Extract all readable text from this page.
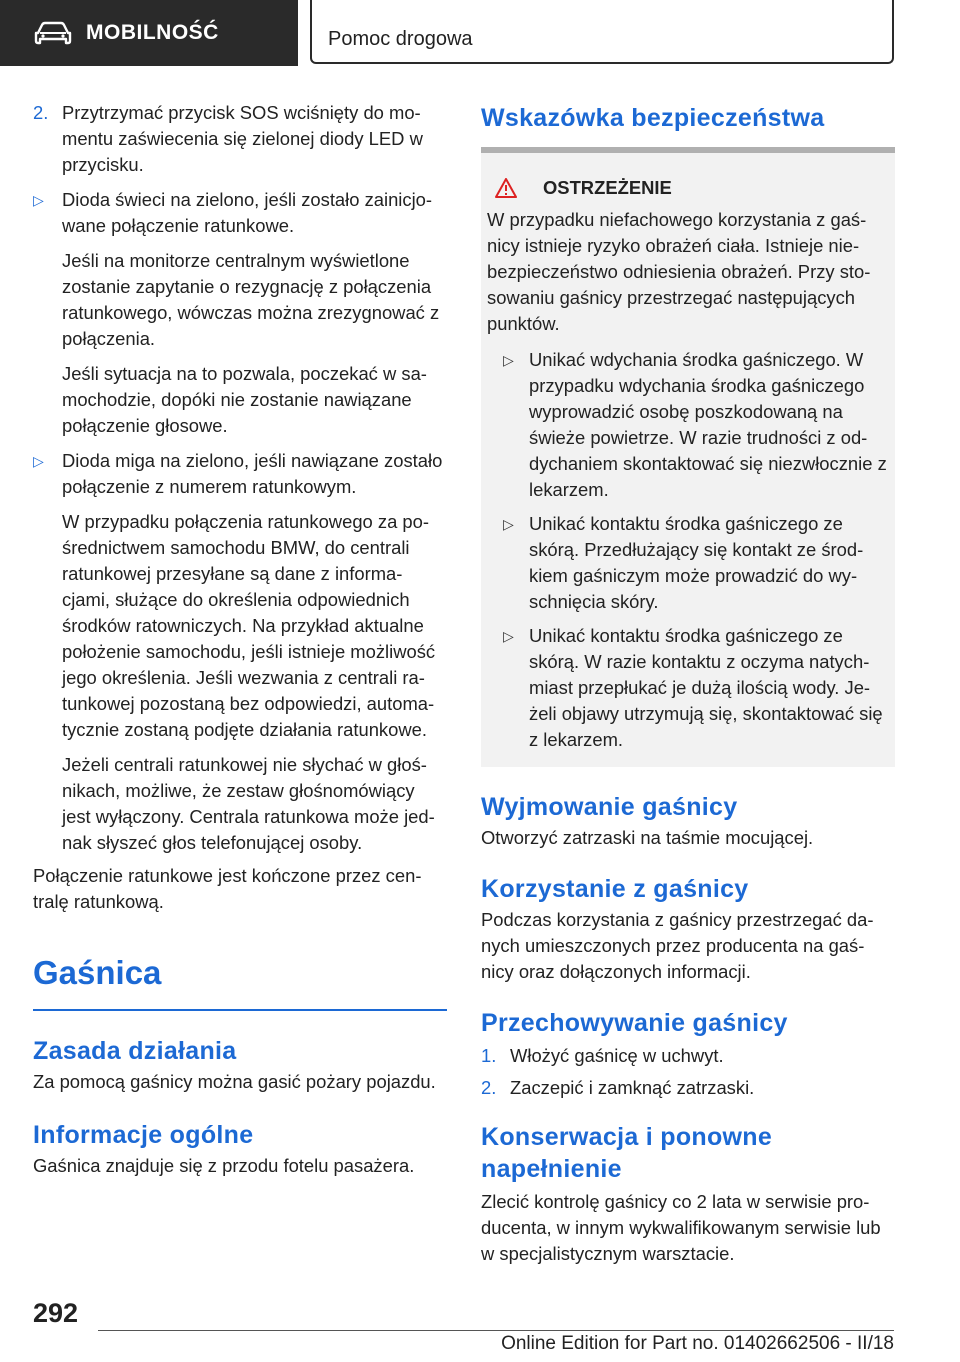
MOBILNOŚĆ	Pomoc drogowa
2. Przytrzymać przycisk SOS wciśnięty do mo-mentu zaświecenia się zielonej diody LED w przycisku.

▷ Dioda świeci na zielono, jeśli zostało zainicjo-wane połączenie ratunkowe.

Jeśli na monitorze centralnym wyświetlone zostanie zapytanie o rezygnację z połączenia ratunkowego, wówczas można zrezygnować z połączenia.

Jeśli sytuacja na to pozwala, poczekać w sa-mochodzie, dopóki nie zostanie nawiązane połączenie głosowe.

▷ Dioda miga na zielono, jeśli nawiązane zostało połączenie z numerem ratunkowym.

W przypadku połączenia ratunkowego za po-średnictwem samochodu BMW, do centrali ratunkowej przesyłane są dane z informa-cjami, służące do określenia odpowiednich środków ratowniczych. Na przykład aktualne położenie samochodu, jeśli istnieje możliwość jego określenia. Jeśli wezwania z centrali ra-tunkowej pozostaną bez odpowiedzi, automa-tycznie zostaną podjęte działania ratunkowe.

Jeżeli centrali ratunkowej nie słychać w głoś-nikach, możliwe, że zestaw głośnomówiący jest wyłączony. Centrala ratunkowa może jed-nak słyszeć głos telefonującej osoby.

Połączenie ratunkowe jest kończone przez cen-tralę ratunkową.

Gaśnica
Zasada działania

Za pomocą gaśnicy można gasić pożary pojazdu.

Informacje ogólne

Gaśnica znajduje się z przodu fotelu pasażera.

Wskazówka bezpieczeństwa
OSTRZEŻENIE

W przypadku niefachowego korzystania z gaś-nicy istnieje ryzyko obrażeń ciała. Istnieje nie-bezpieczeństwo odniesienia obrażeń. Przy sto-sowaniu gaśnicy przestrzegać następujących punktów.

▷ Unikać wdychania środka gaśniczego. W przypadku wdychania środka gaśniczego wyprowadzić osobę poszkodowaną na świeże powietrze. W razie trudności z od-dychaniem skontaktować się niezwłocznie z lekarzem.

▷ Unikać kontaktu środka gaśniczego ze skórą. Przedłużający się kontakt ze środ-kiem gaśniczym może prowadzić do wy-schnięcia skóry.

▷ Unikać kontaktu środka gaśniczego ze skórą. W razie kontaktu z oczyma natych-miast przepłukać je dużą ilością wody. Je-żeli objawy utrzymują się, skontaktować się z lekarzem.

Wyjmowanie gaśnicy

Otworzyć zatrzaski na taśmie mocującej.

Korzystanie z gaśnicy

Podczas korzystania z gaśnicy przestrzegać da-nych umieszczonych przez producenta na gaś-nicy oraz dołączonych informacji.

Przechowywanie gaśnicy
1. Włożyć gaśnicę w uchwyt.

2. Zaczepić i zamknąć zatrzaski.

Konserwacja i ponowne
napełnienie

Zlecić kontrolę gaśnicy co 2 lata w serwisie pro-ducenta, w innym wykwalifikowanym serwisie lub w specjalistycznym warsztacie.

292
Online Edition for Part no. 01402662506 - II/18
